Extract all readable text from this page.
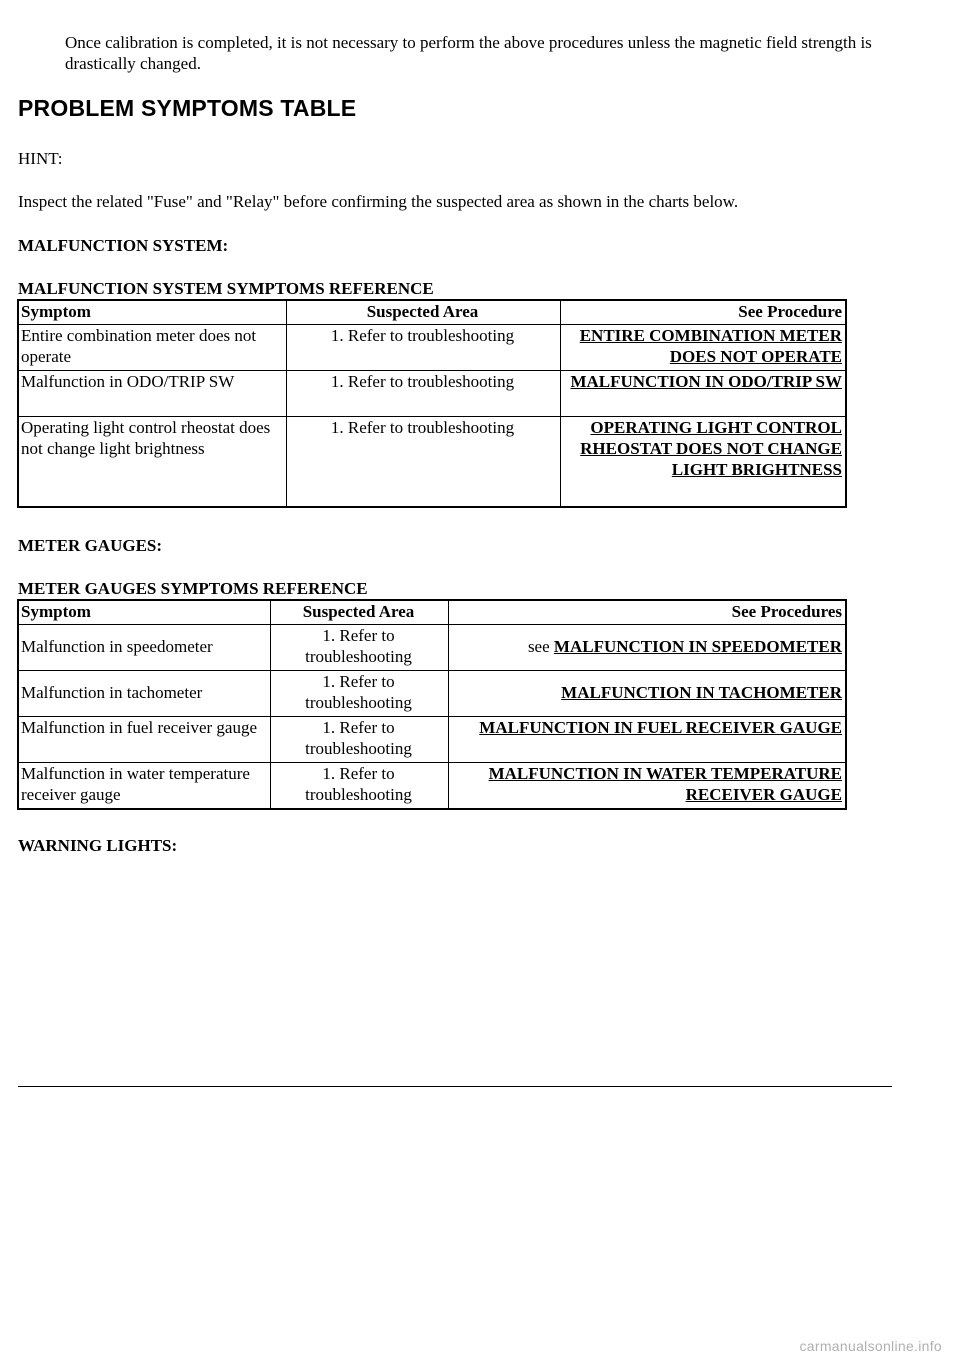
Once calibration is completed, it is not necessary to perform the above procedures unless the magnetic field strength is drastically changed.

PROBLEM SYMPTOMS TABLE
HINT:
Inspect the related "Fuse" and "Relay" before confirming the suspected area as shown in the charts below.
MALFUNCTION SYSTEM:
MALFUNCTION SYSTEM SYMPTOMS REFERENCE
Symptom	Suspected Area	See Procedure
Entire combination meter does not operate	1. Refer to troubleshooting	ENTIRE COMBINATION METER DOES NOT OPERATE
Malfunction in ODO/TRIP SW	1. Refer to troubleshooting	MALFUNCTION IN ODO/TRIP SW
Operating light control rheostat does not change light brightness	1. Refer to troubleshooting	OPERATING LIGHT CONTROL RHEOSTAT DOES NOT CHANGE LIGHT BRIGHTNESS
METER GAUGES:
METER GAUGES SYMPTOMS REFERENCE
Symptom	Suspected Area	See Procedures
Malfunction in speedometer	1. Refer to troubleshooting	see MALFUNCTION IN SPEEDOMETER
Malfunction in tachometer	1. Refer to troubleshooting	MALFUNCTION IN TACHOMETER
Malfunction in fuel receiver gauge	1. Refer to troubleshooting	MALFUNCTION IN FUEL RECEIVER GAUGE
Malfunction in water temperature receiver gauge	1. Refer to troubleshooting	MALFUNCTION IN WATER TEMPERATURE RECEIVER GAUGE
WARNING LIGHTS:
carmanualsonline.info
